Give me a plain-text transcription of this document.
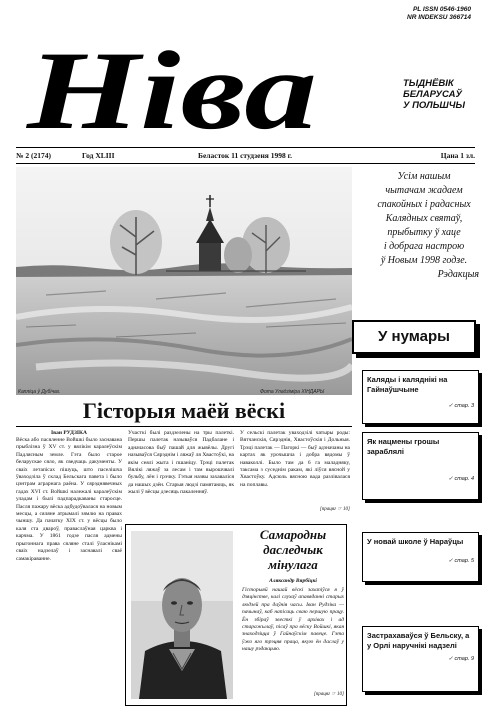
PL ISSN 0546-1960
NR INDEKSU 366714
Ніва	ТЫДНЁВІК
БЕЛАРУСАЎ
У ПОЛЬШЧЫ
№ 2 (2174)	Год XLIII	Беласток 11 студзеня 1998 г.	Цана 1 зл.
Каплiца ў Дубiчах.	Фота Уладзімiра ХIНДАРЫ
Усiм нашым
чытачам жадаем
спакойных i радасных
Калядных святаў,
прыбытку ў хаце
i добрага настрою
ў Новым 1998 годзе.
Рэдакцыя
У нумары
Каляды і каляднікі на Гайнаўшчыне
✓ стар. 3
Як нацмены грошы зараблялі
✓ стар. 4
У новай школе ў Нараўцы
✓ стар. 5
Застрахаваўся ў Бельску, а у Орлі наручнікі надзелі
✓ стар. 9
Гісторыя маёй вёскі
Іван РУДЗІКА
Вёска або пасяленне Войшкі было заснавана прыблізна ў XV ст. у вялікім каралеўскім Падлясным земле. Гэта было старое беларускае сяло, як сведчаць дакументы. У сваіх летапісах пішуць, што паселішча ўваходзіла ў склад Бельскага павета і было цэнтрам аграрнага раёна. У сярэднявечных гадах XVI ст. Войшкі належалі каралеўскім уладам і былі падпарадкаваны старосце. Пасля пажару вёска адбудоўвалася на новым месцы, а сяляне атрымалі зямлю на правах чыншу. Да пачатку XIX ст. у вёсцы было каля ста двароў, праваслаўная царква і карчма. У 1861 годзе пасля адмены прыгоннага права сяляне сталі ўласнікамі сваіх надзелаў і заснавалі сваё самакіраванне.
Участкі былі раздзелены на тры палеткі. Першы палетак называўся Падбалане і адначасова быў пашай для жывёлы. Другі называўся Сярэднім і ляжаў ля Хвастоўкі, на якім сеялі жыта і пшаніцу. Трэці палетак Вялікі ляжаў за лесам і там вырошчвалі бульбу, лён і грэчку. Гэтыя назвы захаваліся да нашых дзён. Старыя людзі памятаюць, як жылі ў вёсцы дзесяць пакаленняў.
У сельскі палетак уваходзілі чатыры роды: Вятчанскія, Сярэднія, Хвастоўскія і Дольныя. Трэці палетак — Пагоркі — быў адзначаны на картах як урочышча і добра вядомы ў наваколлі. Было там да 6 га маладняку, таксама з суседнім ракам, які ліўся вясной у Хвастоўку. Адсюль вясною вада разлівалася на поплавы.
[працяг ☞ 10]
Самародны
даследчык
мінулага
Аляксандр Вярбіцкі
Гісторыяй нашай вёскі захапіўся я ў дзяцінстве, калі слухаў апавяданні старых людзей пра даўнія часы. Іван Рудзіка — пачынаў, каб напісаць сваю першую працу. Ён збіраў звесткі ў архівах і ад старажылаў, пісаў пра вёску Войшкі, якая знаходзіцца ў Гайнаўскім павеце. Гэта ўжо яго трэцяя праца, якую ён даслаў у нашу рэдакцыю.
[працяг ☞ 10]
